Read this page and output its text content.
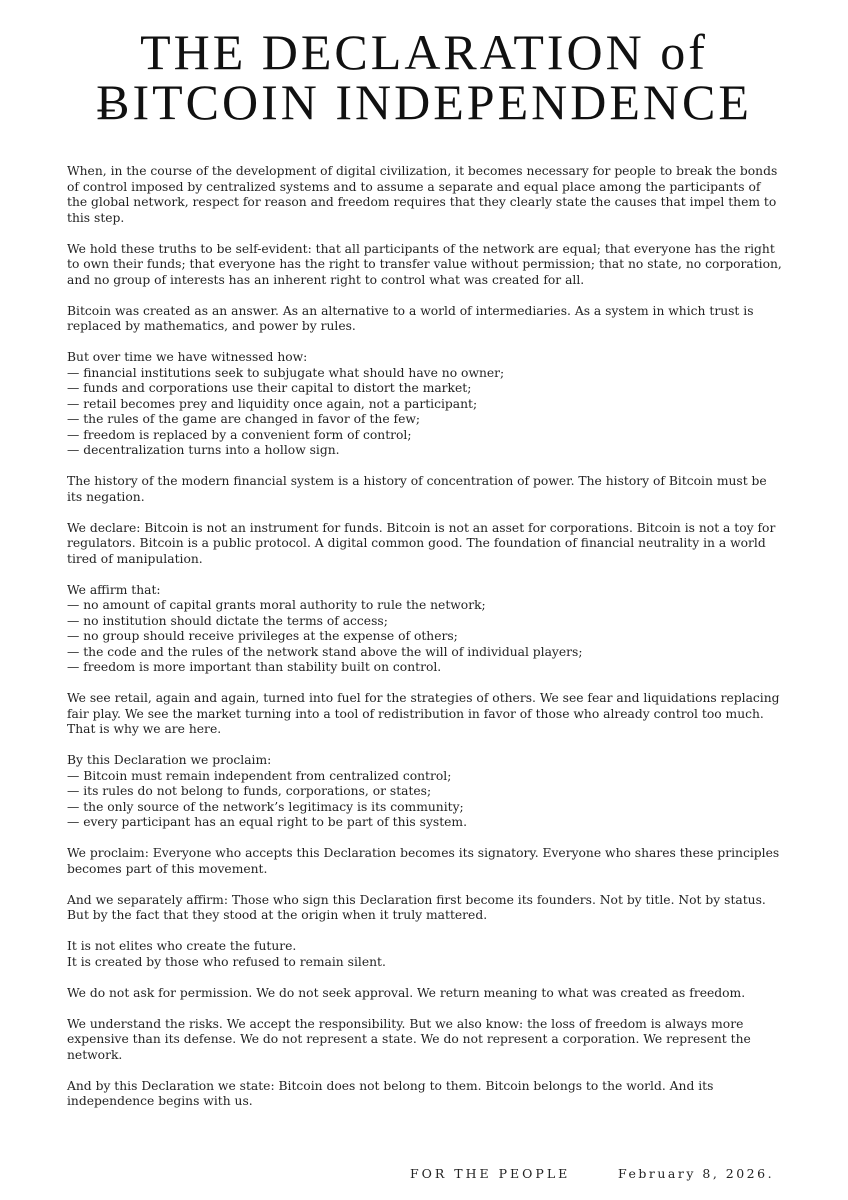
THE DECLARATION of
ɃITCOIN INDEPENDENCE
When, in the course of the development of digital civilization, it becomes necessary for people to break the bonds of control imposed by centralized systems and to assume a separate and equal place among the participants of the global network, respect for reason and freedom requires that they clearly state the causes that impel them to this step.
We hold these truths to be self-evident: that all participants of the network are equal; that everyone has the right to own their funds; that everyone has the right to transfer value without permission; that no state, no corporation, and no group of interests has an inherent right to control what was created for all.
Bitcoin was created as an answer. As an alternative to a world of intermediaries. As a system in which trust is replaced by mathematics, and power by rules.
But over time we have witnessed how:
— financial institutions seek to subjugate what should have no owner;
— funds and corporations use their capital to distort the market;
— retail becomes prey and liquidity once again, not a participant;
— the rules of the game are changed in favor of the few;
— freedom is replaced by a convenient form of control;
— decentralization turns into a hollow sign.
The history of the modern financial system is a history of concentration of power. The history of Bitcoin must be its negation.
We declare: Bitcoin is not an instrument for funds. Bitcoin is not an asset for corporations. Bitcoin is not a toy for regulators. Bitcoin is a public protocol. A digital common good. The foundation of financial neutrality in a world tired of manipulation.
We affirm that:
— no amount of capital grants moral authority to rule the network;
— no institution should dictate the terms of access;
— no group should receive privileges at the expense of others;
— the code and the rules of the network stand above the will of individual players;
— freedom is more important than stability built on control.
We see retail, again and again, turned into fuel for the strategies of others. We see fear and liquidations replacing fair play. We see the market turning into a tool of redistribution in favor of those who already control too much. That is why we are here.
By this Declaration we proclaim:
— Bitcoin must remain independent from centralized control;
— its rules do not belong to funds, corporations, or states;
— the only source of the network’s legitimacy is its community;
— every participant has an equal right to be part of this system.
We proclaim: Everyone who accepts this Declaration becomes its signatory. Everyone who shares these principles becomes part of this movement.
And we separately affirm: Those who sign this Declaration first become its founders. Not by title. Not by status. But by the fact that they stood at the origin when it truly mattered.
It is not elites who create the future.
It is created by those who refused to remain silent.
We do not ask for permission. We do not seek approval. We return meaning to what was created as freedom.
We understand the risks. We accept the responsibility. But we also know: the loss of freedom is always more expensive than its defense. We do not represent a state. We do not represent a corporation. We represent the network.
And by this Declaration we state: Bitcoin does not belong to them. Bitcoin belongs to the world. And its independence begins with us.
FOR THE PEOPLE	February 8, 2026.
